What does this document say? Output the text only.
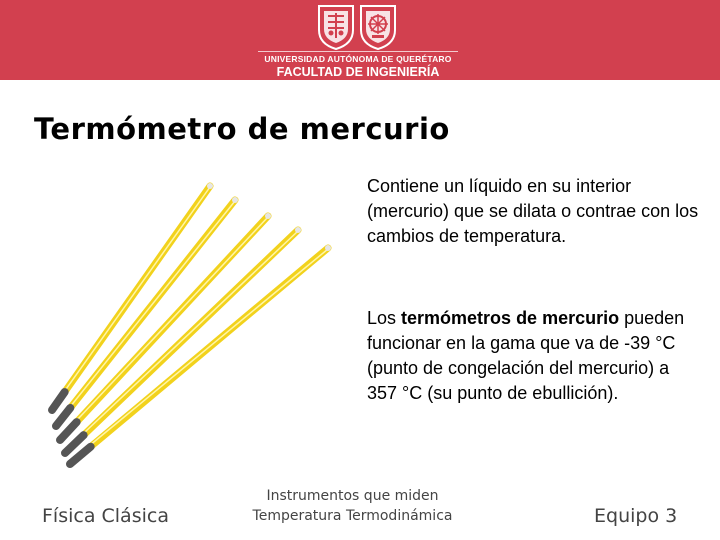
UNIVERSIDAD AUTÓNOMA DE QUERÉTARO
FACULTAD DE INGENIERÍA
Termómetro de mercurio
Contiene un líquido en su interior (mercurio) que se dilata o contrae con los cambios de temperatura.
Los termómetros de mercurio pueden funcionar en la gama que va de -39 °C (punto de congelación del mercurio) a 357 °C (su punto de ebullición).
Física Clásica
Instrumentos que miden
Temperatura Termodinámica	Equipo 3
